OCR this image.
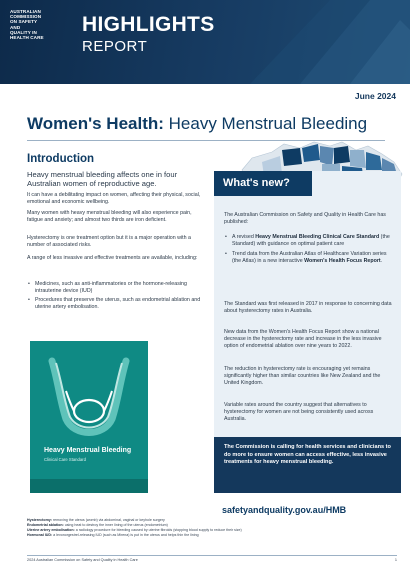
AUSTRALIAN
COMMISSION
ON SAFETY
AND
QUALITY IN
HEALTH CARE
HIGHLIGHTS
REPORT
June 2024
Women's Health: Heavy Menstrual Bleeding
Introduction
Heavy menstrual bleeding affects one in four Australian women of reproductive age.
It can have a debilitating impact on women, affecting their physical, social, emotional and economic wellbeing.
Many women with heavy menstrual bleeding will also experience pain, fatigue and anxiety; and almost two thirds are iron deficient.
Hysterectomy is one treatment option but it is a major operation with a number of associated risks.
A range of less invasive and effective treatments are available, including:
• Medicines, such as anti-inflammatories or the hormone-releasing intrauterine device (IUD)
• Procedures that preserve the uterus, such as endometrial ablation and uterine artery embolisation.
Heavy Menstrual Bleeding
Clinical Care Standard
What's new?
The Australian Commission on Safety and Quality in Health Care has published:
• A revised Heavy Menstrual Bleeding Clinical Care Standard (the Standard) with guidance on optimal patient care
• Trend data from the Australian Atlas of Healthcare Variation series (the Atlas) in a new interactive Women's Health Focus Report.
The Standard was first released in 2017 in response to concerning data about hysterectomy rates in Australia.
New data from the Women's Health Focus Report show a national decrease in the hysterectomy rate and increase in the less invasive option of endometrial ablation over nine years to 2022.
The reduction in hysterectomy rate is encouraging yet remains significantly higher than similar countries like New Zealand and the United Kingdom.
Variable rates around the country suggest that alternatives to hysterectomy for women are not being consistently used across Australia.
The Commission is calling for health services and clinicians to do more to ensure women can access effective, less invasive treatments for heavy menstrual bleeding.
safetyandquality.gov.au/HMB
Hysterectomy: removing the uterus (womb) via abdominal, vaginal or keyhole surgery
Endometrial ablation: using heat to destroy the inner lining of the uterus (endometrium)
Uterine artery embolisation: a radiology procedure for bleeding caused by uterine fibroids (stopping blood supply to reduce their size)
Hormonal IUD: a levonorgestrel-releasing IUD (such as Mirena) is put in the uterus and helps thin the lining
2024 Australian Commission on Safety and Quality in Health Care	1
